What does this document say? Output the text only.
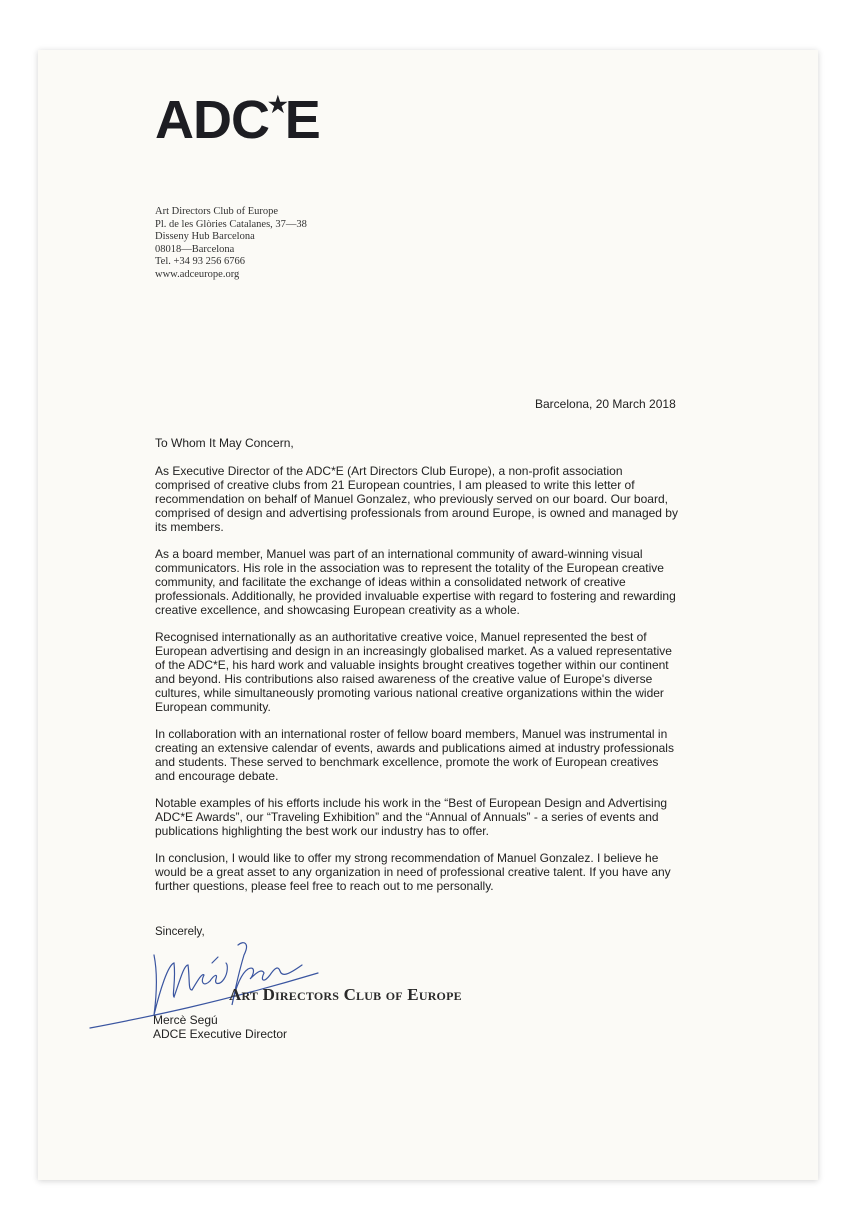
ADC★E
Art Directors Club of Europe
Pl. de les Glòries Catalanes, 37—38
Disseny Hub Barcelona
08018—Barcelona
Tel. +34 93 256 6766
www.adceurope.org
Barcelona, 20 March 2018

To Whom It May Concern,

As Executive Director of the ADC*E (Art Directors Club Europe), a non-profit association
comprised of creative clubs from 21 European countries, I am pleased to write this letter of
recommendation on behalf of Manuel Gonzalez, who previously served on our board. Our board,
comprised of design and advertising professionals from around Europe, is owned and managed by
its members.

As a board member, Manuel was part of an international community of award-winning visual
communicators. His role in the association was to represent the totality of the European creative
community, and facilitate the exchange of ideas within a consolidated network of creative
professionals. Additionally, he provided invaluable expertise with regard to fostering and rewarding
creative excellence, and showcasing European creativity as a whole.

Recognised internationally as an authoritative creative voice, Manuel represented the best of
European advertising and design in an increasingly globalised market. As a valued representative
of the ADC*E, his hard work and valuable insights brought creatives together within our continent
and beyond. His contributions also raised awareness of the creative value of Europe's diverse
cultures, while simultaneously promoting various national creative organizations within the wider
European community.

In collaboration with an international roster of fellow board members, Manuel was instrumental in
creating an extensive calendar of events, awards and publications aimed at industry professionals
and students. These served to benchmark excellence, promote the work of European creatives
and encourage debate.

Notable examples of his efforts include his work in the “Best of European Design and Advertising
ADC*E Awards”, our “Traveling Exhibition” and the “Annual of Annuals” - a series of events and
publications highlighting the best work our industry has to offer.

In conclusion, I would like to offer my strong recommendation of Manuel Gonzalez. I believe he
would be a great asset to any organization in need of professional creative talent. If you have any
further questions, please feel free to reach out to me personally.

Sincerely,
Art Directors Club of Europe
Mercè Segú
ADCE Executive Director
